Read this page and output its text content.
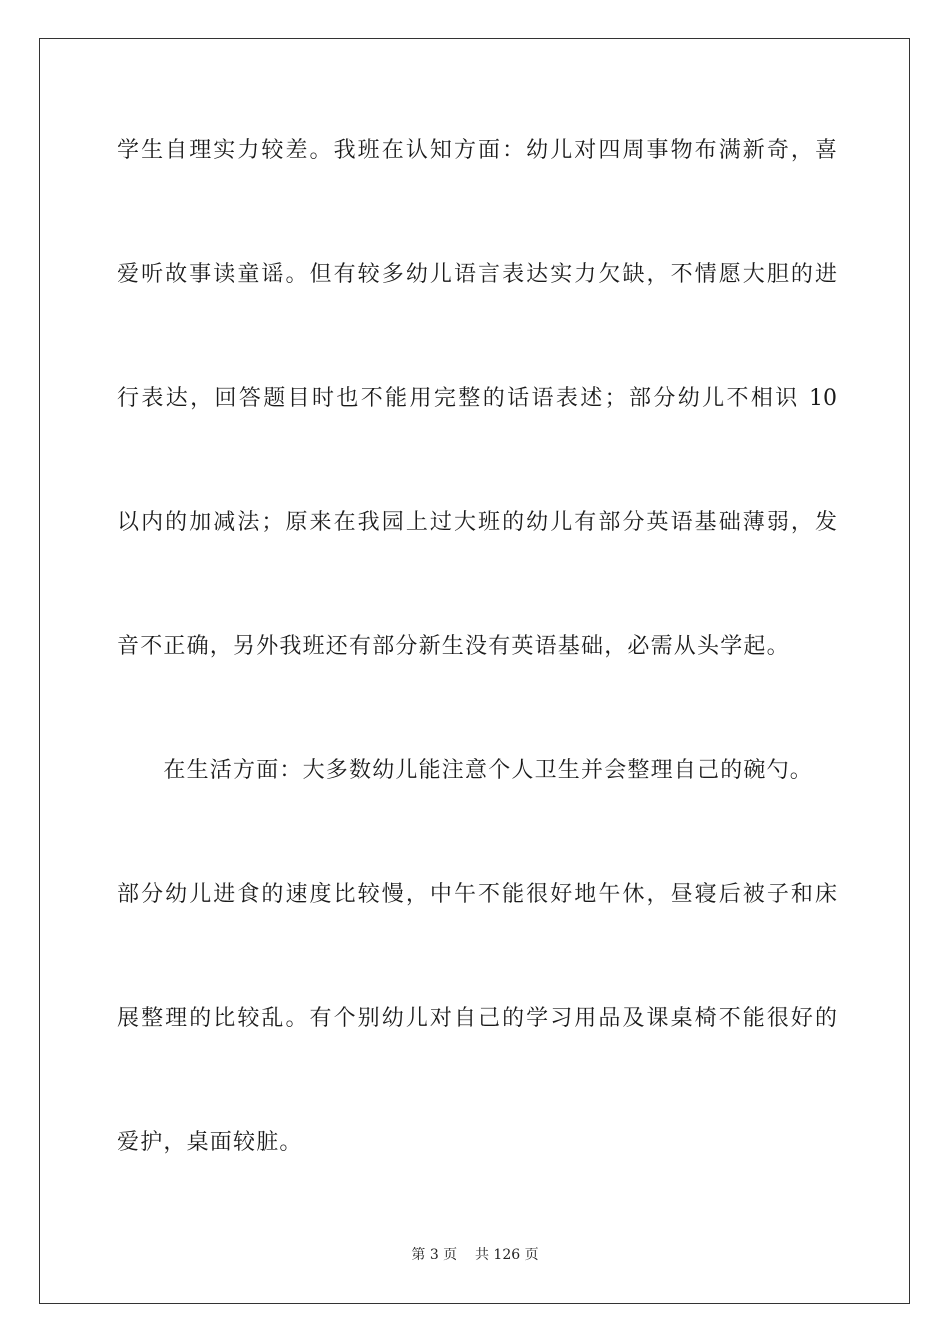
学生自理实力较差。我班在认知方面：幼儿对四周事物布满新奇，喜
爱听故事读童谣。但有较多幼儿语言表达实力欠缺，不情愿大胆的进
行表达，回答题目时也不能用完整的话语表述；部分幼儿不相识 10
以内的加减法；原来在我园上过大班的幼儿有部分英语基础薄弱，发
音不正确，另外我班还有部分新生没有英语基础，必需从头学起。
　　在生活方面：大多数幼儿能注意个人卫生并会整理自己的碗勺。
部分幼儿进食的速度比较慢，中午不能很好地午休，昼寝后被子和床
展整理的比较乱。有个别幼儿对自己的学习用品及课桌椅不能很好的
爱护，桌面较脏。
第 3 页    共 126 页
